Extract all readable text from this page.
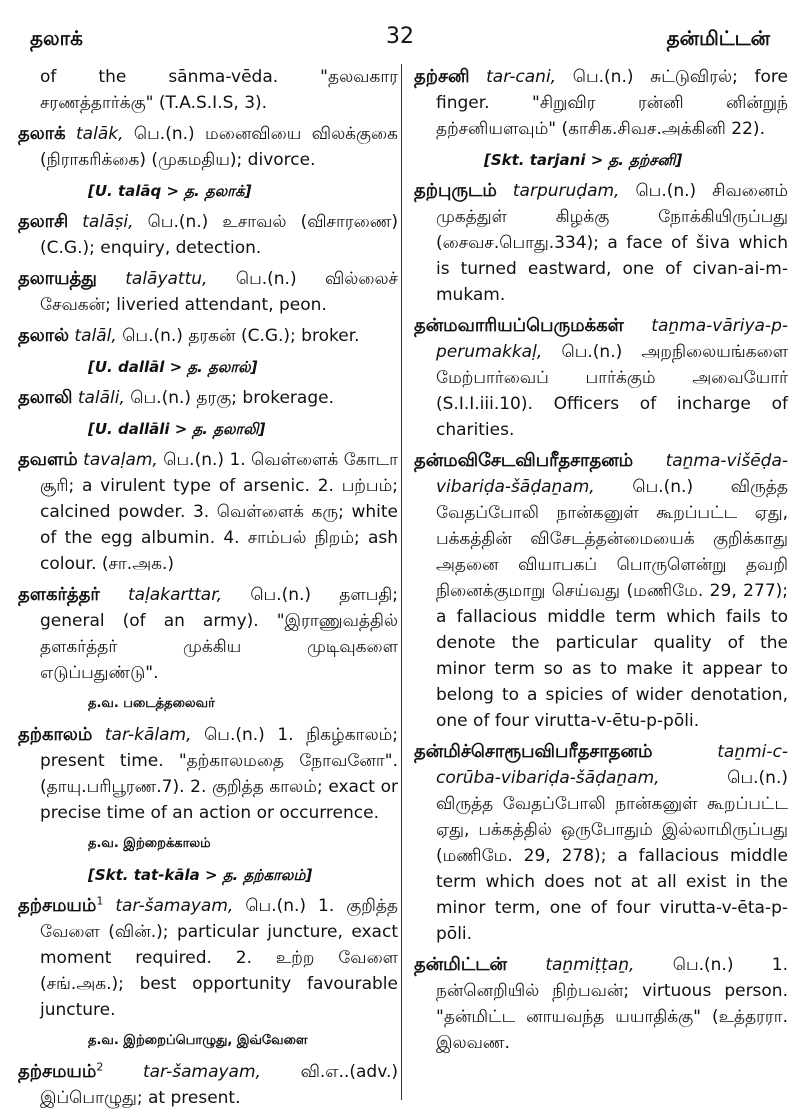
தலாக்	32	தன்மிட்டன்
of the sānma-vēda. "தலவகார சரணத்தார்க்கு" (T.A.S.I.S, 3).
தலாக் talāk, பெ.(n.) மனைவியை விலக்குகை (நிராகரிக்கை) (முகமதிய); divorce.
[U. talāq > த. தலாக்]
தலாசி talāṣi, பெ.(n.) உசாவல் (விசாரணை) (C.G.); enquiry, detection.
தலாயத்து talāyattu, பெ.(n.) வில்லைச் சேவகன்; liveried attendant, peon.
தலால் talāl, பெ.(n.) தரகன் (C.G.); broker.
[U. dallāl > த. தலால்]
தலாலி talāli, பெ.(n.) தரகு; brokerage.
[U. dallāli > த. தலாலி]
தவளம் tavaḷam, பெ.(n.) 1. வெள்ளைக் கோடா சூரி; a virulent type of arsenic. 2. பற்பம்; calcined powder. 3. வெள்ளைக் கரு; white of the egg albumin. 4. சாம்பல் நிறம்; ash colour. (சா.அக.)
தளகர்த்தர் taḷakarttar, பெ.(n.) தளபதி; general (of an army). "இராணுவத்தில் தளகர்த்தர் முக்கிய முடிவுகளை எடுப்பதுண்டு".
த.வ. படைத்தலைவர்
தற்காலம் tar-kālam, பெ.(n.) 1. நிகழ்காலம்; present time. "தற்காலமதை நோவனோ". (தாயு.பரிபூரண.7). 2. குறித்த காலம்; exact or precise time of an action or occurrence.
த.வ. இற்றைக்காலம்
[Skt. tat-kāla > த. தற்காலம்]
தற்சமயம்$^1$ tar-šamayam, பெ.(n.) 1. குறித்த வேளை (வின்.); particular juncture, exact moment required. 2. உற்ற வேளை (சங்.அக.); best opportunity favourable juncture.
த.வ. இற்றைப்பொழுது, இவ்வேளை
தற்சமயம்$^2$ tar-šamayam, வி.எ..(adv.) இப்பொழுது; at present.
தற்சனி tar-cani, பெ.(n.) சுட்டுவிரல்; fore finger. "சிறுவிர ரன்னி னின்றுந் தற்சனியளவும்" (காசிக.சிவச.அக்கினி 22).
[Skt. tarjani > த. தற்சனி]
தற்புருடம் tarpuruḍam, பெ.(n.) சிவனைம் முகத்துள் கிழக்கு நோக்கியிருப்பது (சைவச.பொது.334); a face of šiva which is turned eastward, one of civan-ai-m-mukam.
தன்மவாரியப்பெருமக்கள் taṉma-vāriya-p-perumakkaḷ, பெ.(n.) அறநிலையங்களை மேற்பார்வைப் பார்க்கும் அவையோர் (S.I.I.iii.10). Officers of incharge of charities.
தன்மவிசேடவிபரீதசாதனம் taṉma-višēḍa-vibariḍa-šāḍaṉam, பெ.(n.) விருத்த வேதப்போலி நான்கனுள் கூறப்பட்ட ஏது, பக்கத்தின் விசேடத்தன்மையைக் குறிக்காது அதனை வியாபகப் பொருளென்று தவறி நினைக்குமாறு செய்வது (மணிமே. 29, 277); a fallacious middle term which fails to denote the particular quality of the minor term so as to make it appear to belong to a spicies of wider denotation, one of four virutta-v-ētu-p-pōli.
தன்மிச்சொரூபவிபரீதசாதனம்	taṉmi-c-corūba-vibariḍa-šāḍaṉam,	பெ.(n.) விருத்த வேதப்போலி நான்கனுள் கூறப்பட்ட ஏது, பக்கத்தில் ஒருபோதும் இல்லாமிருப்பது (மணிமே. 29, 278); a fallacious middle term which does not at all exist in the minor term, one of four virutta-v-ēta-p-pōli.
தன்மிட்டன் taṉmiṭṭaṉ, பெ.(n.) 1. நன்னெறியில் நிற்பவன்; virtuous person. "தன்மிட்ட னாயவந்த யயாதிக்கு" (உத்தரரா. இலவண.
